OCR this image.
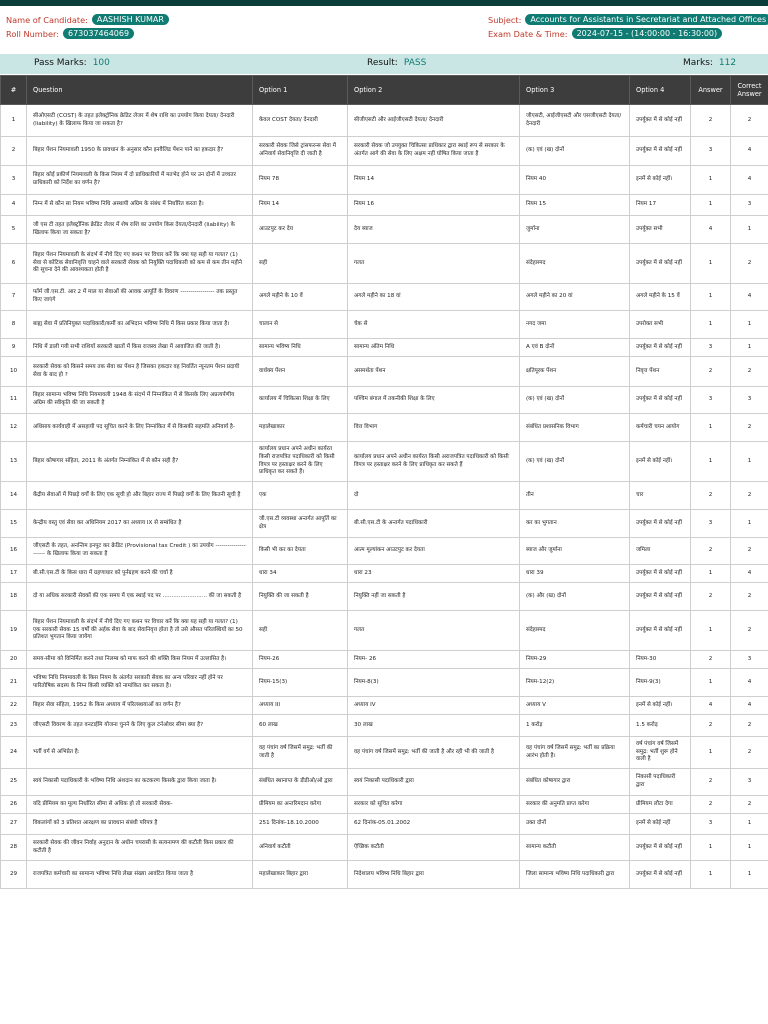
Name of Candidate:	AASHISH KUMAR
Roll Number:	673037464069
Subject:	Accounts for Assistants in Secretariat and Attached Offices
Exam Date & Time:	2024-07-15 - (14:00:00 - 16:30:00)
Pass Marks: 100	Result: PASS	Marks: 112
#	Question	Option 1	Option 2	Option 3	Option 4	Answer	Correct Answer
1	सीओएसटी (COST) के तहत इलेक्ट्रॉनिक क्रेडिट लेजर में शेष राशि का उपयोग किया देयता/ देनदारी (liability) के खिलाफ किया जा सकता है?	केवल COST देयता/ देनदारी	सीजीएसटी और आईजीएसटी देयता/ देनदारी	जीएसटी, आईजीएसटी और एसजीएसटी देयता/ देनदारी	उपर्युक्त में से कोई नहीं	2	2
2	बिहार पेंशन नियमावली 1950 के प्रावधान के अनुसार कौन इनवैलिड पेंशन पाने का हकदार है?	सरकारी सेवक जिसे ट्रांसफरन्स सेवा में अनिवार्य सेवानिवृत्ति दी जाती है	सरकारी सेवक जो उपयुक्त चिकित्सा प्राधिकार द्वारा स्थाई रूप से सरकार के अंतर्गत आगे की सेवा के लिए अक्षम नहीं घोषित किया जाता है	(क) एवं (ख) दोनों	उपर्युक्त में से कोई नहीं	3	4
3	बिहार कोई प्रकीर्ण नियमावली के किस नियम में दो प्राधिकारियों में मतभेद होने पर उन दोनों में उच्चतर प्राधिकारी को निर्देश का वर्णन है?	नियम 78	नियम 14	नियम 40	इनमें से कोई नहीं।	1	4
4	निम्न में से कौन सा नियम भविष्य निधि अस्थायी अग्रिम के संबंध में निर्धारित करता है।	नियम 14	नियम 16	नियम 15	नियम 17	1	3
5	जी एस टी तहत इलेक्ट्रॉनिक क्रेडिट लेजर में शेष राशि का उपयोग किस देयता/देनदारी (liability) के खिलाफ किया जा सकता है?	आउटपुट कर देय	देय ब्याज	जुर्माना	उपर्युक्त सभी	4	1
6	बिहार पेंशन नियमावली के संदर्भ में नीचे दिए गए कथन पर विचार करें कि क्या यह सही या गलत? (1) सेवा से कोटिक सेवानिवृत्ति चाहने वाले सरकारी सेवक को नियुक्ति पदाधिकारी को कम से कम तीन महीने की सूचना देने की आवश्यकता होती है	सही	गलत	संदेहास्पद	उपर्युक्त में से कोई नहीं	1	2
7	फॉर्म जी.एस.टी. आर 2 में माल या सेवाओं की आवक आपूर्ति के विवरण ----------------- तक प्रस्तुत किए जाएंगे	अगले महीने के 10 वें	अगले महीने का 18 वां	अगले महीने का 20 वां	अगले महीने के 15 वें	1	4
8	बाह्य सेवा में प्रतिनियुक्त पदाधिकारी/कर्मी का अभिदान भविष्य निधि में किस प्रकार किया जाता है।	चालान से	चेक से	नगद जमा	उपरोक्त सभी	1	1
9	निधि में डाली गयी सभी राशियाँ सरकारी खातों में किस राजस्व लेखा में आवाजित की जाती है।	सामान्य भविष्य निधि	सामान्य अंतिम निधि	A एवं B दोनों	उपर्युक्त में से कोई नहीं	3	1
10	सरकारी सेवक को किसने समय तक सेवा का पेंशन है जिसका हकदार वह निवर्तित न्यूनतम पेंशन प्रदायी सेवा के बाद हो ?	वार्धक्य पेंशन	असमर्थता पेंशन	क्षतिपूरक पेंशन	निवृत्त पेंशन	2	2
11	बिहार सामान्य भविष्य निधि नियमावली 1948 के संदर्भ में निम्नांकित में से किसके लिए अप्रत्यर्पणीय अग्रिम की स्वीकृति की जा सकती है	कार्यालय में चिकित्सा शिक्षा के लिए	पश्चिम बंगाल में तकनीकी शिक्षा के लिए	(क) एवं (ख) दोनों	उपर्युक्त में से कोई नहीं	3	3
12	अधिसाय कार्यवाही में असहायी पद सूचित करने के लिए निम्नांकित में से किसकी सहमति अनिवार्य है-	महालेखाकार	वित्त विभाग	संबंधित प्रशासनिक विभाग	कर्मचारी चयन आयोग	1	2
13	बिहार कोषागार संहिता, 2011 के अंतर्गत निम्नांकित में से कौन सही है?	कार्यालय प्रधान अपने अधीन कार्यरत किसी राजपत्रित पदाधिकारी को किसी विपत्र पर हस्ताक्षर करने के लिए प्राधिकृत कर सकते हैं।	कार्यालय प्रधान अपने अधीन कार्यरत किसी अराजपत्रित पदाधिकारी को किसी विपत्र पर हस्ताक्षर करने के लिए प्राधिकृत कर सकते हैं	(क) एवं (ख) दोनों	इनमें से कोई नहीं।	1	1
14	केंद्रीय सेवाओं में पिछड़े वर्गों के लिए एक सूची हो और बिहार राज्य में पिछड़े वर्गों के लिए कितनी सूची है	एक	दो	तीन	चार	2	2
15	केन्द्रीय वस्तु एवं सेवा कर अधिनियम 2017 का अध्याय IX से सम्बंधित है	जी.एस.टी व्यवस्था अन्तर्गत आपूर्ति का क्षेत्र	बी.सी.एस.टी के अन्तर्गत पदाधिकारी	कर का भुगतान	उपर्युक्त में से कोई नहीं	3	1
16	जीएसटी के तहत, अनन्तिम इनपुट कर क्रेडिट (Provisional tax Credit ) का उपयोग --------------------- के खिलाफ किया जा सकता है	किसी भी कर का देयता	आत्म मूल्यांकन आउटपुट कर देयता	ब्याज और जुर्माना	जमिला	2	2
17	बी.सी.एस.टी के किस धारा में ग्रहणाधार को पुर्नग्रहण करने की चर्चा है	धारा 34	धारा 23	धारा 39	उपर्युक्त में से कोई नहीं	1	4
18	दो या अधिक सरकारी सेवकों की एक समय में एक स्थाई पद पर ......................... की जा सकती है	नियुक्ति की जा सकती है	नियुक्ति नहीं जा सकती है	(क) और (ख) दोनों	उपर्युक्त में से कोई नहीं	2	2
19	बिहार पेंशन नियमावली के संदर्भ में नीचे दिए गए कथन पर विचार करें कि क्या यह सही या गलत? (1) एक सरकारी सेवक 15 वर्षों की अर्हक सेवा के बाद सेवानिवृत्त होता है तो उसे औसत परिलब्धियों का 50 प्रतिशत भुगतान किया जायेगा	सही	गलत	संदेहास्पद	उपर्युक्त में से कोई नहीं	1	2
20	समय-सीमा को विनिर्मित करने तथा निलम्ब को माफ करने की शक्ति किस नियम में उल्लासित है।	नियम-26	नियम- 26	नियम-29	नियम-30	2	3
21	भविष्य निधि नियमावली के किस नियम के अंतर्गत सरकारी सेवक का अन्य परिवार नहीं होने पर पारितोषिक सदस्य के निम्न किसी व्यक्ति को नामांकित कर सकता है।	नियम-15(3)	नियम-8(3)	नियम-12(2)	नियम-9(3)	1	4
22	बिहार सेवा संहिता, 1952 के किस अध्याय में परिलब्धयाओं का वर्णन है?	अध्याय III	अध्याय IV	अध्याय V	इनमें से कोई नहीं।	4	4
23	जीएसटी विवरण के तहत वनटाईमि योजना चुनने के लिए कुल टर्नओवर सीमा क्या है?	60 लाख	30 लाख	1 करोड़	1.5 करोड़	2	2
24	भर्ती वर्ग से अभिप्रेत है:	वह पंचांग वर्ष जिसमें समुद्र: भर्ती की जाती है	वह पंचांग वर्ष जिसमें समुद्र: भर्ती की जाती है और रही भी की जाती है	वह पंचांग वर्ष जिसमें समुद्र: भर्ती का प्रक्रिया आरंभ होती है।	वर्ष पंचांग वर्ष जिसमें समुद्र: भर्ती शुरू होने वाली है	1	2
25	स्वयं निकासी पदाधिकारी के भविष्य निधि अंशदान का कटकरण किसके द्वारा किया जाता है।	संबंधित स्थानाप्त के डीडीओ/ओ द्वारा	स्वयं निकासी पदाधिकारी द्वारा	संबंधित कोषागार द्वारा	निकासी पदाधिकारी द्वारा	2	3
26	यदि प्रीमियम का मूल्य निर्धारित सीमा से अधिक हो तो सरकारी सेवक-	प्रीमियम का अन्तरिमदान करेगा	सरकार को सूचित करेगा	सरकार की अनुमति प्राप्त करेगा	प्रीमियम लौटा देगा	2	2
27	विकलांगों को 3 प्रतिशत आरक्षण का प्रावधान संबंधी परिपत्र है	251 दिनांक-18.10.2000	62 दिनांक-05.01.2002	उक्त दोनों	इनमें से कोई नहीं	3	1
28	सरकारी सेवक की जीवन निर्वाह अनुदान के अधीन चपरासी के सत्यनामण की कटौती किस प्रकार की कटौती है	अनिवार्य कटौती	ऐच्छिक कटौती	सामान्य कटौती	उपर्युक्त में से कोई नहीं	1	1
29	राजपत्रित कर्मचारी का सामान्य भविष्य निधि लेखा संख्या आवंटित किया जाता है	महालेखाकार बिहार द्वारा	निदेशालय भविष्य निधि बिहार द्वारा	जिला सामान्य भविष्य निधि पदाधिकारी द्वारा	उपर्युक्त में से कोई नहीं	1	1
